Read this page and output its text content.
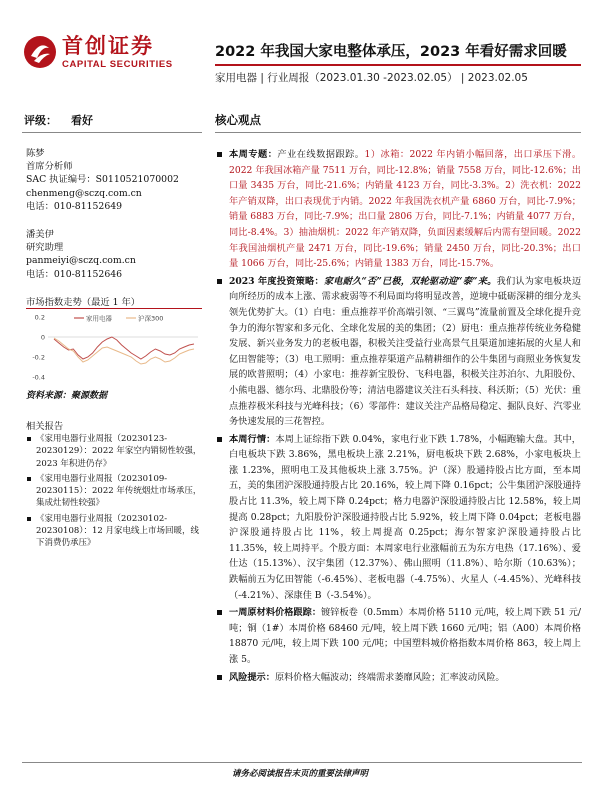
首创证券
CAPITAL SECURITIES
2022 年我国大家电整体承压，2023 年看好需求回暖
家用电器 | 行业周报（2023.01.30 -2023.02.05） | 2023.02.05
评级： 看好	核心观点
陈梦
首席分析师
SAC 执证编号：S0110521070002
chenmeng@sczq.com.cn
电话：010-81152649
潘美伊
研究助理
panmeiyi@sczq.com.cn
电话：010-81152646
市场指数走势（最近 1 年）
0.2
0
-0.2
-0.4
家用电器	沪深300
资料来源：聚源数据
相关报告
《家用电器行业周报（20230123-20230129）：2022 年家空内销韧性较强，2023 年积进仍存》
《家用电器行业周报（20230109-20230115）：2022 年传统烟灶市场承压，集成灶韧性较强》
《家用电器行业周报（20230102-20230108）：12 月家电线上市场回暖，线下消费仍承压》
本周专题：产业在线数据跟踪。1）冰箱：2022 年内销小幅回落，出口承压下滑。2022 年我国冰箱产量 7511 万台，同比-12.8%；销量 7558 万台，同比-12.6%；出口量 3435 万台，同比-21.6%；内销量 4123 万台，同比-3.3%。2）洗衣机：2022 年产销双降，出口表现优于内销。2022 年我国洗衣机产量 6860 万台，同比-7.9%；销量 6883 万台，同比-7.9%；出口量 2806 万台，同比-7.1%；内销量 4077 万台，同比-8.4%。3）抽油烟机：2022 年产销双降，负面因素缓解后内需有望回暖。2022 年我国油烟机产量 2471 万台，同比-19.6%；销量 2450 万台，同比-20.3%；出口量 1066 万台，同比-25.6%；内销量 1383 万台，同比-15.7%。
2023 年度投资策略：家电耐久“否”已极，双轮驱动迎“泰”来。我们认为家电板块迈向所经历的成本上涨、需求疲弱等不利局面均将明显改善，逆境中砥砺深耕的细分龙头领先优势扩大。（1）白电：重点推荐平价高端引领、“三翼鸟”流量前置及全球化提升竞争力的海尔智家和多元化、全球化发展的美的集团；（2）厨电：重点推荐传统业务稳健发展、新兴业务发力的老板电器，积极关注受益行业高景气且渠道加速拓展的火星人和亿田智能等；（3）电工照明：重点推荐渠道产品精耕细作的公牛集团与商照业务恢复发展的欧普照明；（4）小家电：推荐新宝股份、飞科电器，积极关注苏泊尔、九阳股份、小熊电器、德尔玛、北鼎股份等；清洁电器建议关注石头科技、科沃斯；（5）光伏：重点推荐极米科技与光峰科技；（6）零部件：建议关注产品格局稳定、掘队良好、汽零业务快速发展的三花智控。
本周行情：本周上证综指下跌 0.04%，家电行业下跌 1.78%，小幅跑输大盘。其中，白电板块下跌 3.86%，黑电板块上涨 2.21%，厨电板块下跌 2.68%，小家电板块上涨 1.23%，照明电工及其他板块上涨 3.75%。沪（深）股通持股占比方面，至本周五，美的集团沪深股通持股占比 20.16%，较上周下降 0.16pct；公牛集团沪深股通持股占比 11.3%，较上周下降 0.24pct；格力电器沪深股通持股占比 12.58%，较上周提高 0.28pct；九阳股份沪深股通持股占比 5.92%，较上周下降 0.04pct；老板电器沪深股通持股占比 11%，较上周提高 0.25pct；海尔智家沪深股通持股占比 11.35%，较上周持平。个股方面：本周家电行业涨幅前五为东方电热（17.16%）、爱仕达（15.13%）、汉宇集团（12.37%）、佛山照明（11.8%）、哈尔斯（10.63%）；跌幅前五为亿田智能（-6.45%）、老板电器（-4.75%）、火星人（-4.45%）、光峰科技（-4.21%）、深康佳 B（-3.54%）。
一周原材料价格跟踪：镀锌板卷（0.5mm）本周价格 5110 元/吨，较上周下跌 51 元/吨；铜（1#）本周价格 68460 元/吨，较上周下跌 1660 元/吨；铝（A00）本周价格 18870 元/吨，较上周下跌 100 元/吨；中国塑料城价格指数本周价格 863，较上周上涨 5。
风险提示：原料价格大幅波动；终端需求萎靡风险；汇率波动风险。
请务必阅读报告末页的重要法律声明
